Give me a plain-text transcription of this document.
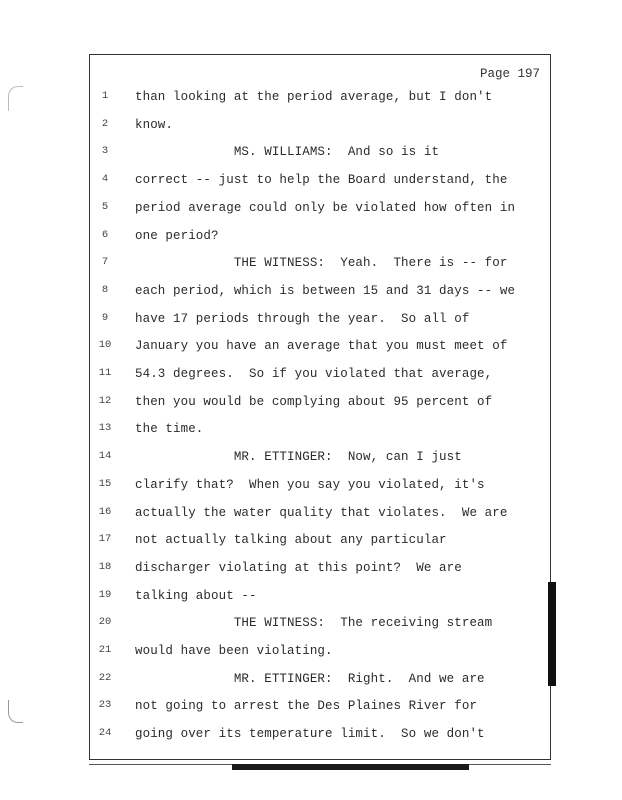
Page 197
1	than looking at the period average, but I don't
2	know.
3	MS. WILLIAMS:  And so is it
4	correct -- just to help the Board understand, the
5	period average could only be violated how often in
6	one period?
7	THE WITNESS:  Yeah.  There is -- for
8	each period, which is between 15 and 31 days -- we
9	have 17 periods through the year.  So all of
10 January you have an average that you must meet of
11 54.3 degrees.  So if you violated that average,
12 then you would be complying about 95 percent of
13 the time.
14 MR. ETTINGER:  Now, can I just
15 clarify that?  When you say you violated, it's
16 actually the water quality that violates.  We are
17 not actually talking about any particular
18 discharger violating at this point?  We are
19 talking about --
20 THE WITNESS:  The receiving stream
21 would have been violating.
22 MR. ETTINGER:  Right.  And we are
23 not going to arrest the Des Plaines River for
24 going over its temperature limit.  So we don't
